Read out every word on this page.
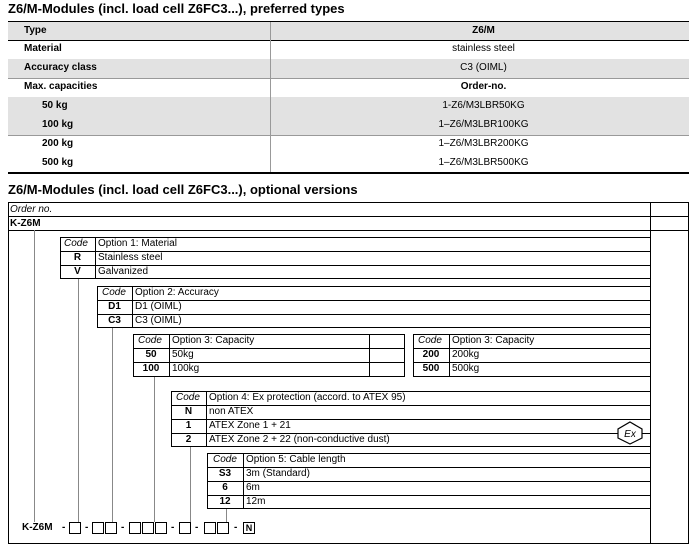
Z6/M-Modules (incl. load cell Z6FC3...), preferred types
Type	Z6/M
Material	stainless steel
Accuracy class	C3 (OIML)
Max. capacities	Order-no.
50 kg	1-Z6/M3LBR50KG
100 kg	1–Z6/M3LBR100KG
200 kg	1–Z6/M3LBR200KG
500 kg	1–Z6/M3LBR500KG
Z6/M-Modules (incl. load cell Z6FC3...), optional versions
Order no.
K-Z6M
Code Option 1: Material
R	Stainless steel
V	Galvanized
Code Option 2: Accuracy
D1	D1 (OIML)
C3	C3 (OIML)
Code Option 3: Capacity
50	50kg
100	100kg
Code Option 3: Capacity
200	200kg
500	500kg
Code Option 4: Ex protection (accord. to ATEX 95)
N	non ATEX
1	ATEX Zone 1 + 21
2	ATEX Zone 2 + 22 (non-conductive dust)	Ex
Code Option 5: Cable length
S3	3m (Standard)
6	6m
12	12m
K-Z6M - -	-	- -	- N
